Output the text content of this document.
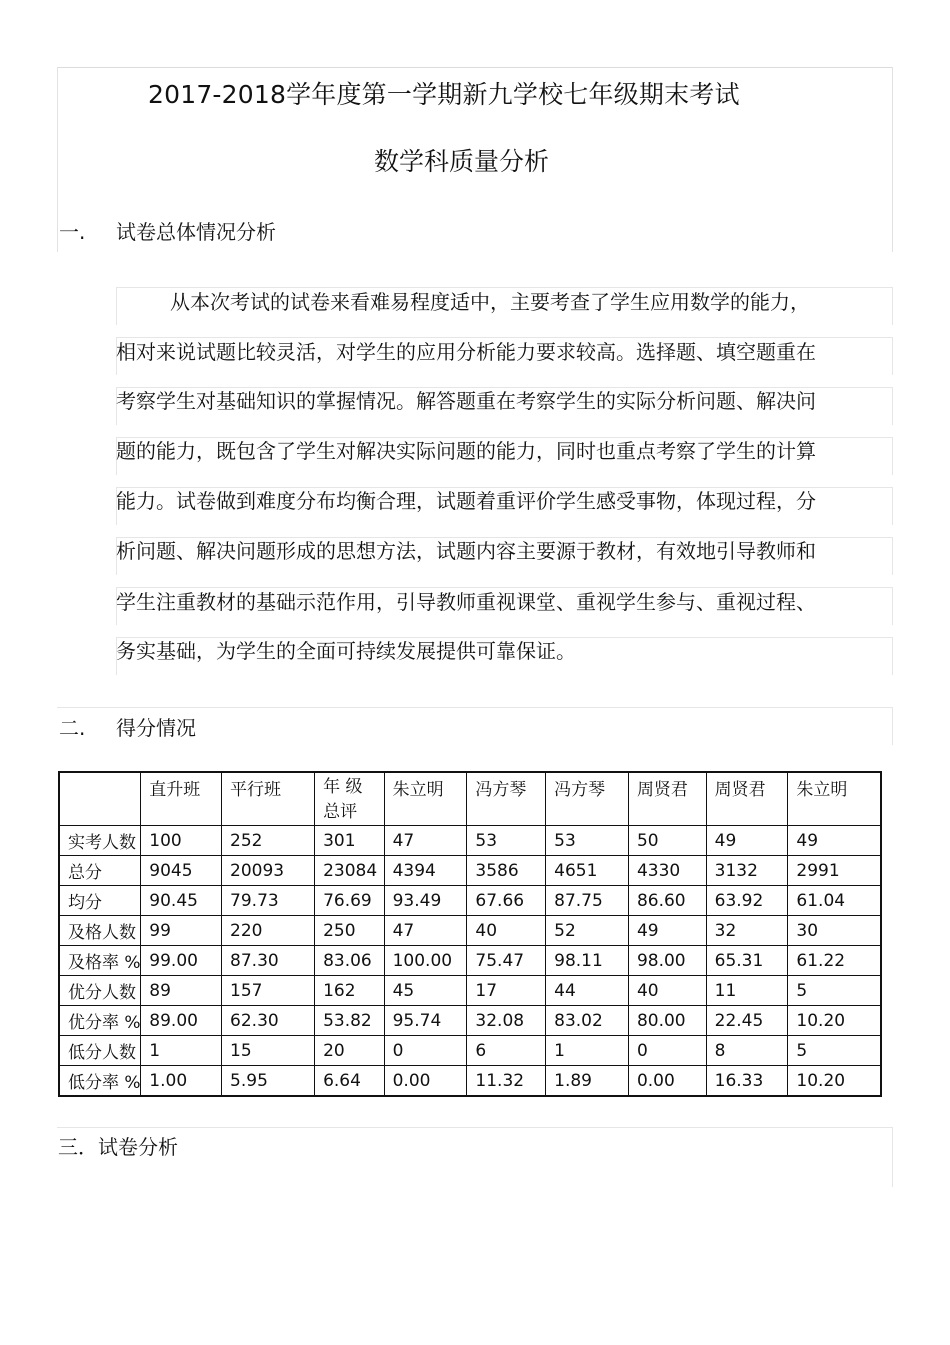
2017-2018学年度第一学期新九学校七年级期末考试
数学科质量分析
一. 试卷总体情况分析
从本次考试的试卷来看难易程度适中，主要考查了学生应用数学的能力，
相对来说试题比较灵活，对学生的应用分析能力要求较高。选择题、填空题重在
考察学生对基础知识的掌握情况。解答题重在考察学生的实际分析问题、解决问
题的能力，既包含了学生对解决实际问题的能力，同时也重点考察了学生的计算
能力。试卷做到难度分布均衡合理，试题着重评价学生感受事物，体现过程，分
析问题、解决问题形成的思想方法，试题内容主要源于教材，有效地引导教师和
学生注重教材的基础示范作用，引导教师重视课堂、重视学生参与、重视过程、
务实基础，为学生的全面可持续发展提供可靠保证。
二. 得分情况
	直升班	平行班	年 级 总评	朱立明	冯方琴	冯方琴	周贤君	周贤君	朱立明
实考人数	100	252	301	47	53	53	50	49	49
总分	9045	20093	23084	4394	3586	4651	4330	3132	2991
均分	90.45	79.73	76.69	93.49	67.66	87.75	86.60	63.92	61.04
及格人数	99	220	250	47	40	52	49	32	30
及格率 %	99.00	87.30	83.06	100.00	75.47	98.11	98.00	65.31	61.22
优分人数	89	157	162	45	17	44	40	11	5
优分率 %	89.00	62.30	53.82	95.74	32.08	83.02	80.00	22.45	10.20
低分人数	1	15	20	0	6	1	0	8	5
低分率 %	1.00	5.95	6.64	0.00	11.32	1.89	0.00	16.33	10.20
三．试卷分析
